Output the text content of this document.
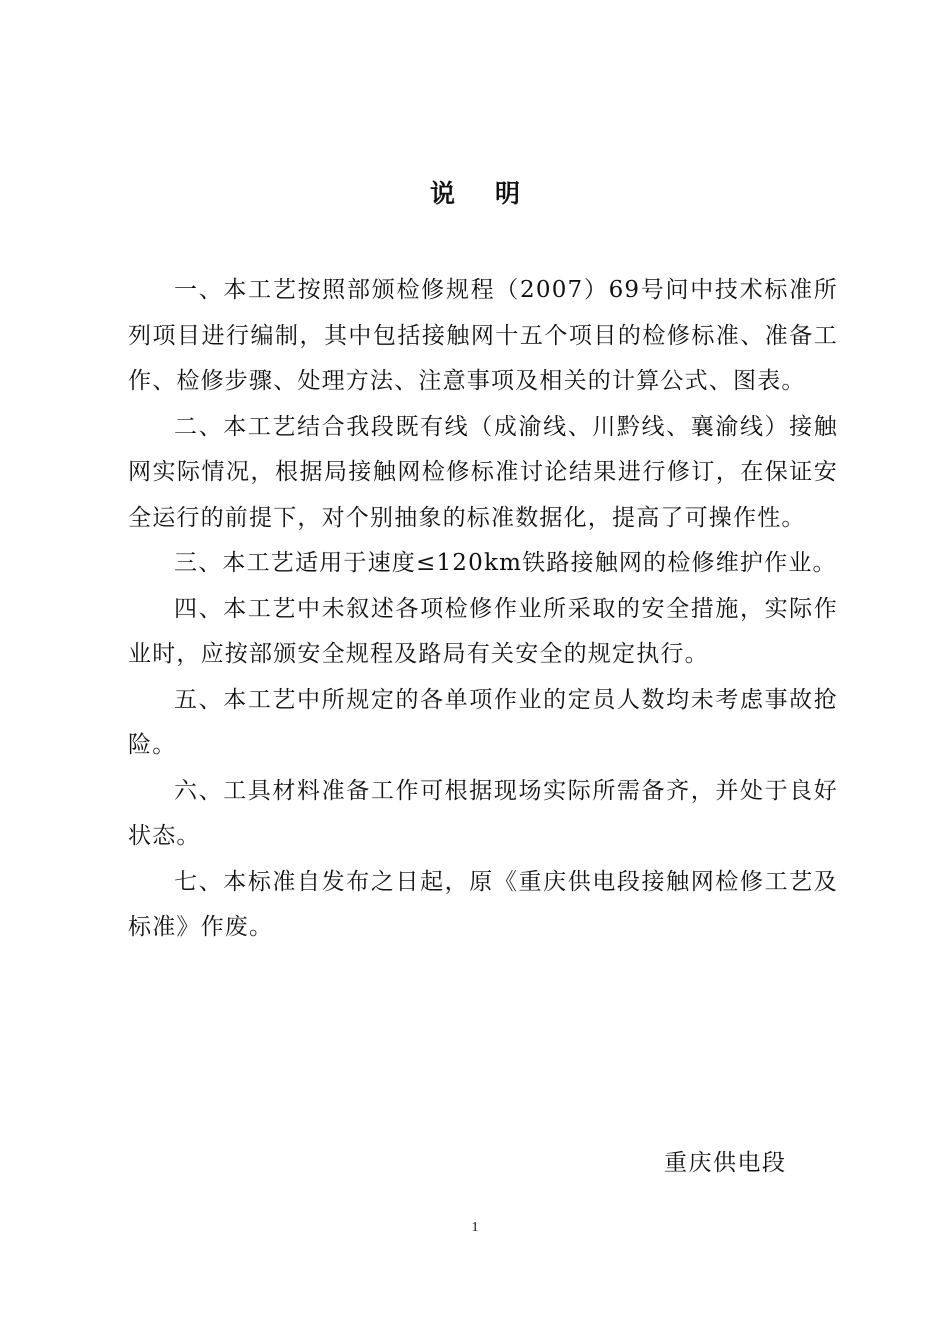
说明

一、本工艺按照部颁检修规程（2007）69号问中技术标准所列项目进行编制，其中包括接触网十五个项目的检修标准、准备工作、检修步骤、处理方法、注意事项及相关的计算公式、图表。

二、本工艺结合我段既有线（成渝线、川黔线、襄渝线）接触网实际情况，根据局接触网检修标准讨论结果进行修订，在保证安全运行的前提下，对个别抽象的标准数据化，提高了可操作性。

三、本工艺适用于速度≤120km铁路接触网的检修维护作业。

四、本工艺中未叙述各项检修作业所采取的安全措施，实际作业时，应按部颁安全规程及路局有关安全的规定执行。

五、本工艺中所规定的各单项作业的定员人数均未考虑事故抢险。

六、工具材料准备工作可根据现场实际所需备齐，并处于良好状态。

七、本标准自发布之日起，原《重庆供电段接触网检修工艺及标准》作废。

重庆供电段
1
